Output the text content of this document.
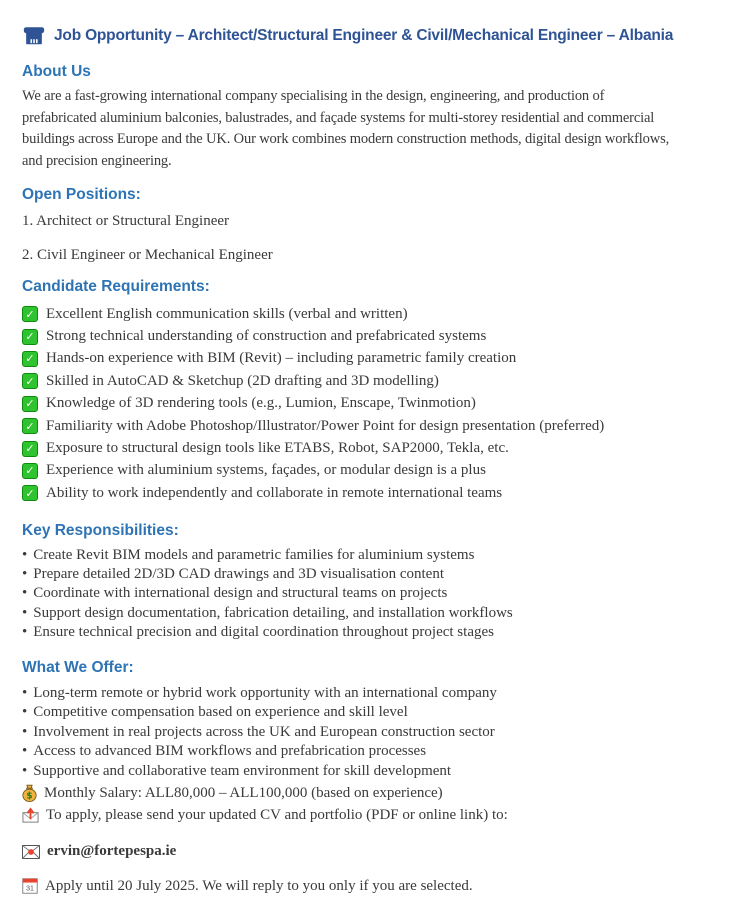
Job Opportunity – Architect/Structural Engineer & Civil/Mechanical Engineer – Albania
About Us
We are a fast-growing international company specialising in the design, engineering, and production of
prefabricated aluminium balconies, balustrades, and façade systems for multi-storey residential and commercial
buildings across Europe and the UK. Our work combines modern construction methods, digital design workflows,
and precision engineering.
Open Positions:
1. Architect or Structural Engineer
2. Civil Engineer or Mechanical Engineer
Candidate Requirements:
✓ Excellent English communication skills (verbal and written)
✓ Strong technical understanding of construction and prefabricated systems
✓ Hands-on experience with BIM (Revit) – including parametric family creation
✓ Skilled in AutoCAD & Sketchup (2D drafting and 3D modelling)
✓ Knowledge of 3D rendering tools (e.g., Lumion, Enscape, Twinmotion)
✓ Familiarity with Adobe Photoshop/Illustrator/Power Point for design presentation (preferred)
✓ Exposure to structural design tools like ETABS, Robot, SAP2000, Tekla, etc.
✓ Experience with aluminium systems, façades, or modular design is a plus
✓ Ability to work independently and collaborate in remote international teams
Key Responsibilities:
• Create Revit BIM models and parametric families for aluminium systems
• Prepare detailed 2D/3D CAD drawings and 3D visualisation content
• Coordinate with international design and structural teams on projects
• Support design documentation, fabrication detailing, and installation workflows
• Ensure technical precision and digital coordination throughout project stages
What We Offer:
• Long-term remote or hybrid work opportunity with an international company
• Competitive compensation based on experience and skill level
• Involvement in real projects across the UK and European construction sector
• Access to advanced BIM workflows and prefabrication processes
• Supportive and collaborative team environment for skill development
$ Monthly Salary: ALL80,000 – ALL100,000 (based on experience)
To apply, please send your updated CV and portfolio (PDF or online link) to:
ervin@fortepespa.ie
31 Apply until 20 July 2025. We will reply to you only if you are selected.
